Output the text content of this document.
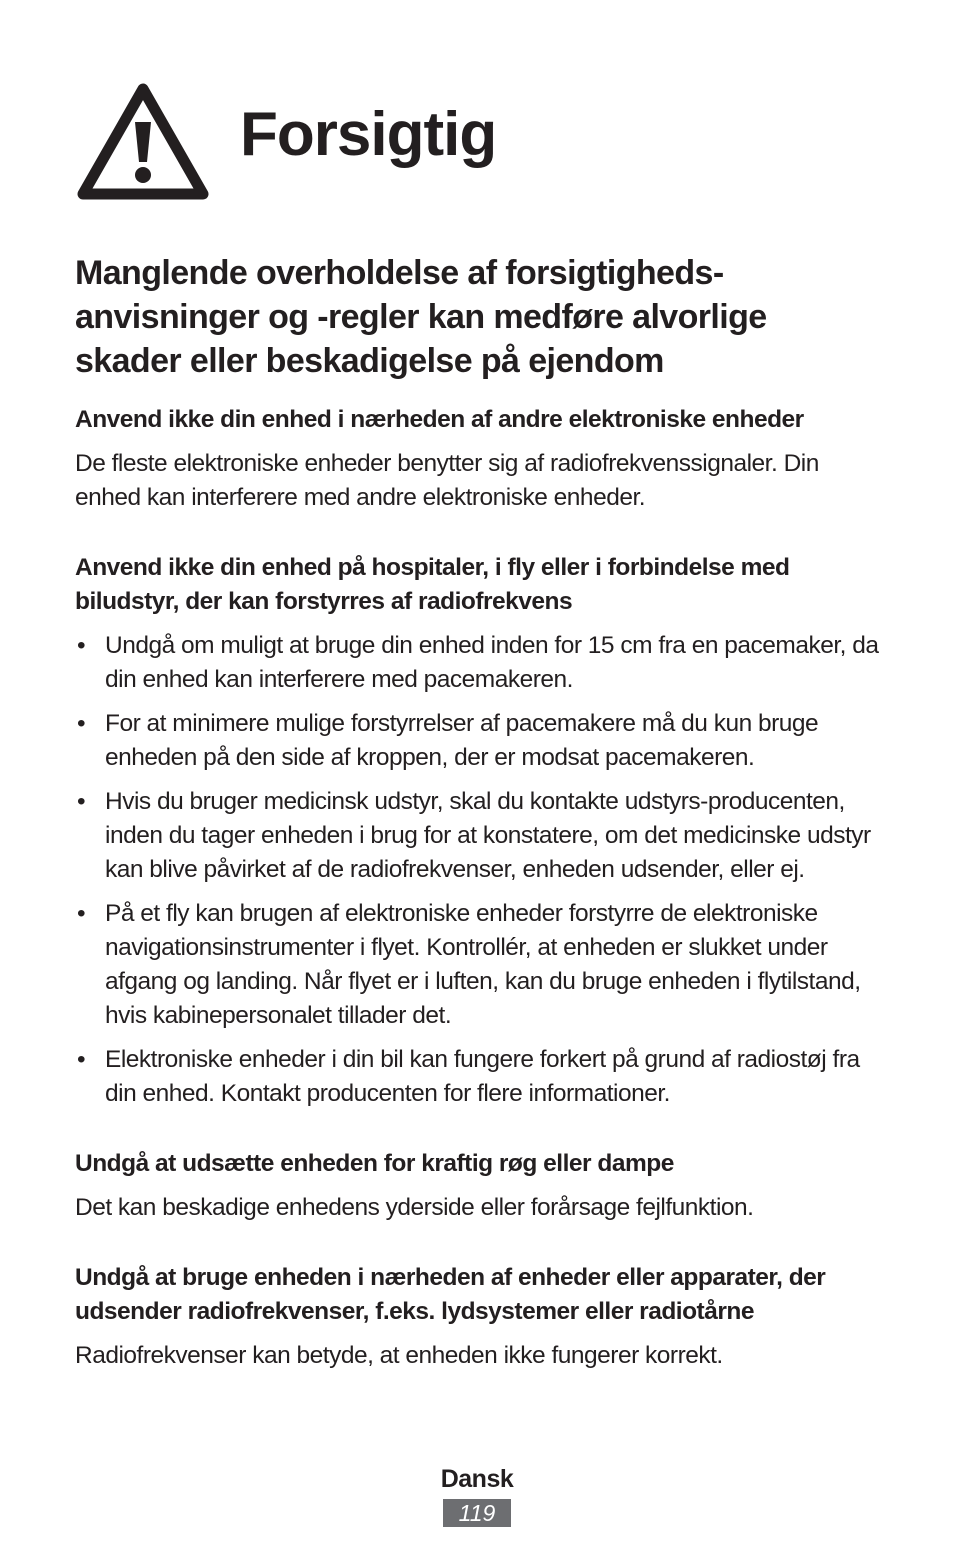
Forsigtig
Manglende overholdelse af forsigtigheds-anvisninger og -regler kan medføre alvorlige skader eller beskadigelse på ejendom
Anvend ikke din enhed i nærheden af andre elektroniske enheder

De fleste elektroniske enheder benytter sig af radiofrekvenssignaler. Din enhed kan interferere med andre elektroniske enheder.

Anvend ikke din enhed på hospitaler, i fly eller i forbindelse med biludstyr, der kan forstyrres af radiofrekvens
• Undgå om muligt at bruge din enhed inden for 15 cm fra en pacemaker, da din enhed kan interferere med pacemakeren.
• For at minimere mulige forstyrrelser af pacemakere må du kun bruge enheden på den side af kroppen, der er modsat pacemakeren.
• Hvis du bruger medicinsk udstyr, skal du kontakte udstyrs-producenten, inden du tager enheden i brug for at konstatere, om det medicinske udstyr kan blive påvirket af de radiofrekvenser, enheden udsender, eller ej.
• På et fly kan brugen af elektroniske enheder forstyrre de elektroniske navigationsinstrumenter i flyet. Kontrollér, at enheden er slukket under afgang og landing. Når flyet er i luften, kan du bruge enheden i flytilstand, hvis kabinepersonalet tillader det.
• Elektroniske enheder i din bil kan fungere forkert på grund af radiostøj fra din enhed. Kontakt producenten for flere informationer.
Undgå at udsætte enheden for kraftig røg eller dampe

Det kan beskadige enhedens yderside eller forårsage fejlfunktion.

Undgå at bruge enheden i nærheden af enheder eller apparater, der udsender radiofrekvenser, f.eks. lydsystemer eller radiotårne

Radiofrekvenser kan betyde, at enheden ikke fungerer korrekt.

Dansk
119
